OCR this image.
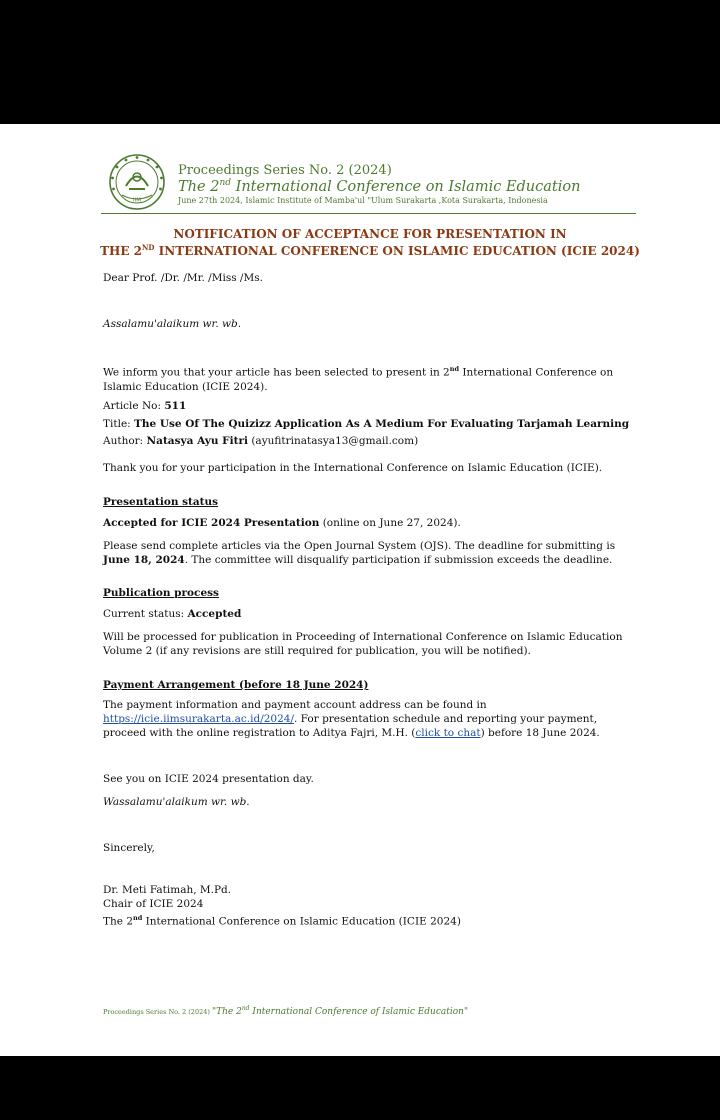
IIM
Proceedings Series No. 2 (2024)
The 2nd International Conference on Islamic Education
June 27th 2024, Islamic Institute of Mamba'ul "Ulum Surakarta ,Kota Surakarta, Indonesia
NOTIFICATION OF ACCEPTANCE FOR PRESENTATION IN
THE 2ND INTERNATIONAL CONFERENCE ON ISLAMIC EDUCATION (ICIE 2024)
Dear Prof. /Dr. /Mr. /Miss /Ms.
Assalamu'alaikum wr. wb.
We inform you that your article has been selected to present in 2nd International Conference on Islamic Education (ICIE 2024).
Article No: 511
Title: The Use Of The Quizizz Application As A Medium For Evaluating Tarjamah Learning
Author: Natasya Ayu Fitri (ayufitrinatasya13@gmail.com)
Thank you for your participation in the International Conference on Islamic Education (ICIE).
Presentation status
Accepted for ICIE 2024 Presentation (online on June 27, 2024).
Please send complete articles via the Open Journal System (OJS). The deadline for submitting is June 18, 2024. The committee will disqualify participation if submission exceeds the deadline.
Publication process
Current status: Accepted
Will be processed for publication in Proceeding of International Conference on Islamic Education Volume 2 (if any revisions are still required for publication, you will be notified).
Payment Arrangement (before 18 June 2024)
The payment information and payment account address can be found in https://icie.iimsurakarta.ac.id/2024/. For presentation schedule and reporting your payment, proceed with the online registration to Aditya Fajri, M.H. (click to chat) before 18 June 2024.
See you on ICIE 2024 presentation day.
Wassalamu'alaikum wr. wb.
Sincerely,
Dr. Meti Fatimah, M.Pd.
Chair of ICIE 2024
The 2nd International Conference on Islamic Education (ICIE 2024)
Proceedings Series No. 2 (2024) "The 2nd International Conference of Islamic Education"
